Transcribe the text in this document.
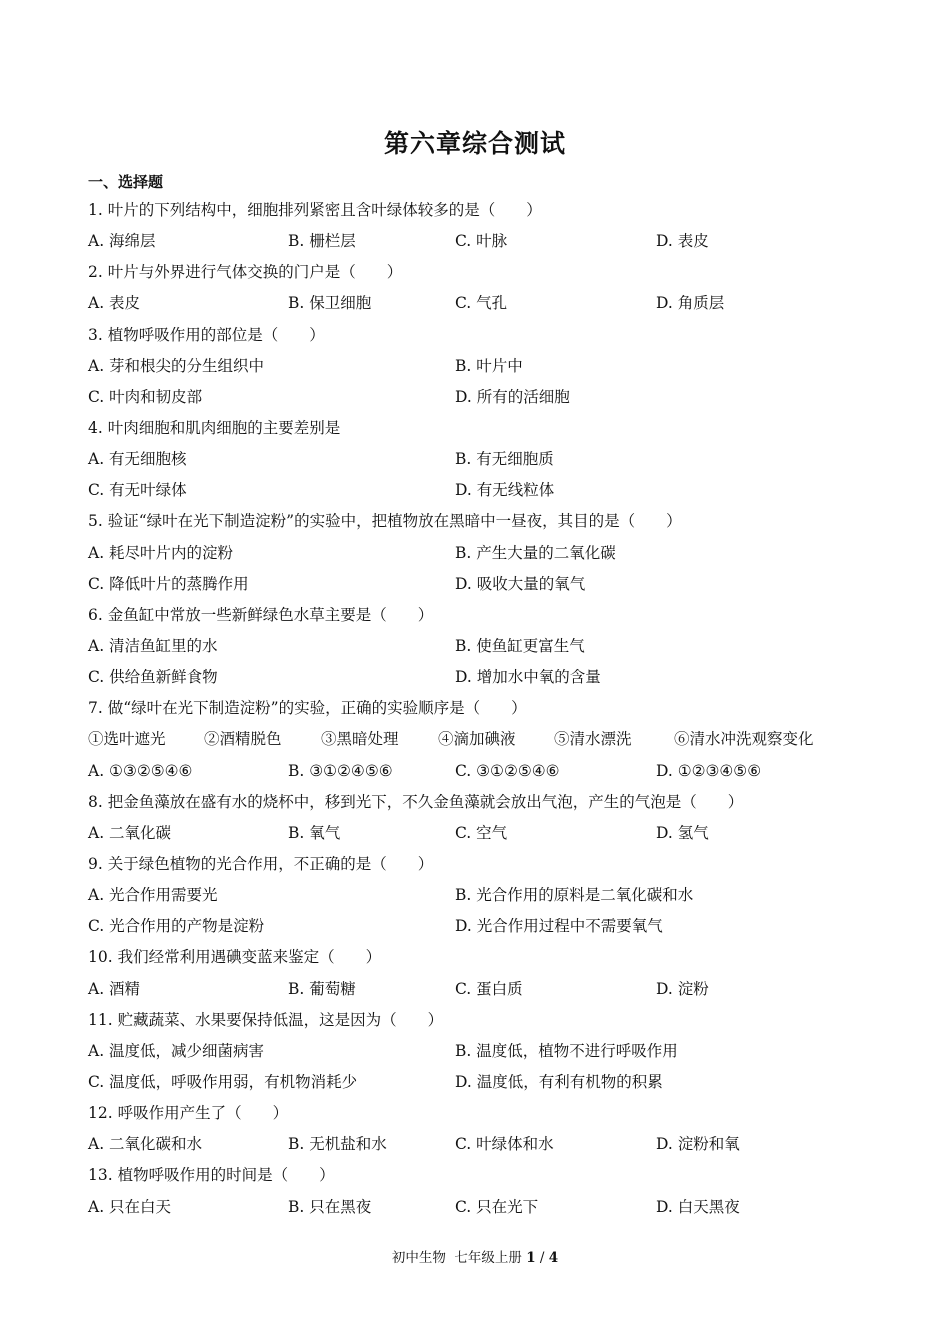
第六章综合测试
一、选择题
1. 叶片的下列结构中，细胞排列紧密且含叶绿体较多的是（　　）
A. 海绵层	B. 栅栏层	C. 叶脉	D. 表皮
2. 叶片与外界进行气体交换的门户是（　　）
A. 表皮	B. 保卫细胞	C. 气孔	D. 角质层
3. 植物呼吸作用的部位是（　　）
A. 芽和根尖的分生组织中	B. 叶片中
C. 叶肉和韧皮部	D. 所有的活细胞
4. 叶肉细胞和肌肉细胞的主要差别是
A. 有无细胞核	B. 有无细胞质
C. 有无叶绿体	D. 有无线粒体
5. 验证“绿叶在光下制造淀粉”的实验中，把植物放在黑暗中一昼夜，其目的是（　　）
A. 耗尽叶片内的淀粉	B. 产生大量的二氧化碳
C. 降低叶片的蒸腾作用	D. 吸收大量的氧气
6. 金鱼缸中常放一些新鲜绿色水草主要是（　　）
A. 清洁鱼缸里的水	B. 使鱼缸更富生气
C. 供给鱼新鲜食物	D. 增加水中氧的含量
7. 做“绿叶在光下制造淀粉”的实验，正确的实验顺序是（　　）
①选叶遮光 ②酒精脱色	③黑暗处理	④滴加碘液 ⑤清水漂洗	⑥清水冲洗观察变化
A. ①③②⑤④⑥	B. ③①②④⑤⑥	C. ③①②⑤④⑥	D. ①②③④⑤⑥
8. 把金鱼藻放在盛有水的烧杯中，移到光下，不久金鱼藻就会放出气泡，产生的气泡是（　　）
A. 二氧化碳	B. 氧气	C. 空气	D. 氢气
9. 关于绿色植物的光合作用，不正确的是（　　）
A. 光合作用需要光	B. 光合作用的原料是二氧化碳和水
C. 光合作用的产物是淀粉	D. 光合作用过程中不需要氧气
10. 我们经常利用遇碘变蓝来鉴定（　　）
A. 酒精	B. 葡萄糖	C. 蛋白质	D. 淀粉
11. 贮藏蔬菜、水果要保持低温，这是因为（　　）
A. 温度低，减少细菌病害	B. 温度低，植物不进行呼吸作用
C. 温度低，呼吸作用弱，有机物消耗少	D. 温度低，有利有机物的积累
12. 呼吸作用产生了（　　）
A. 二氧化碳和水	B. 无机盐和水	C. 叶绿体和水	D. 淀粉和氧
13. 植物呼吸作用的时间是（　　）
A. 只在白天	B. 只在黑夜	C. 只在光下	D. 白天黑夜
初中生物  七年级上册 1 / 4
